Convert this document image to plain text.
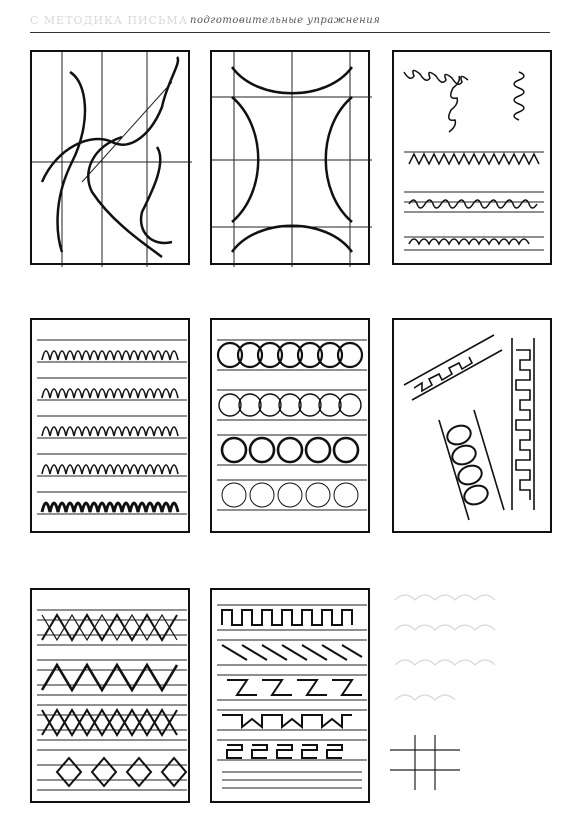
С МЕТОДИКА ПИСЬМА подготовительные упражнения
